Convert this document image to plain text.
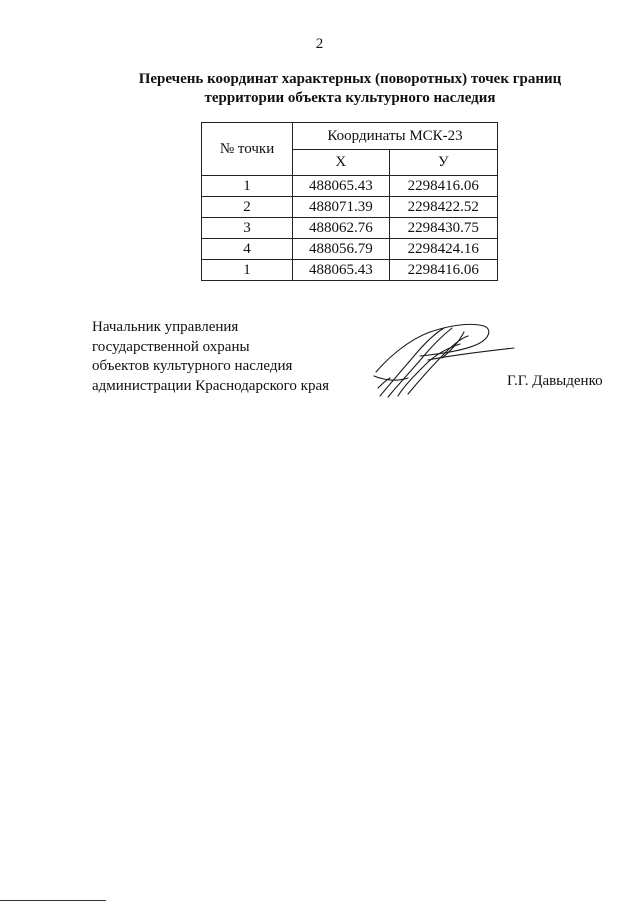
2
Перечень координат характерных (поворотных) точек границ
территории объекта культурного наследия
№ точки	Координаты МСК-23	
	Х	У
1	488065.43	2298416.06
2	488071.39	2298422.52
3	488062.76	2298430.75
4	488056.79	2298424.16
1	488065.43	2298416.06
Начальник управления
государственной охраны
объектов культурного наследия
администрации Краснодарского края	Г.Г. Давыденко
